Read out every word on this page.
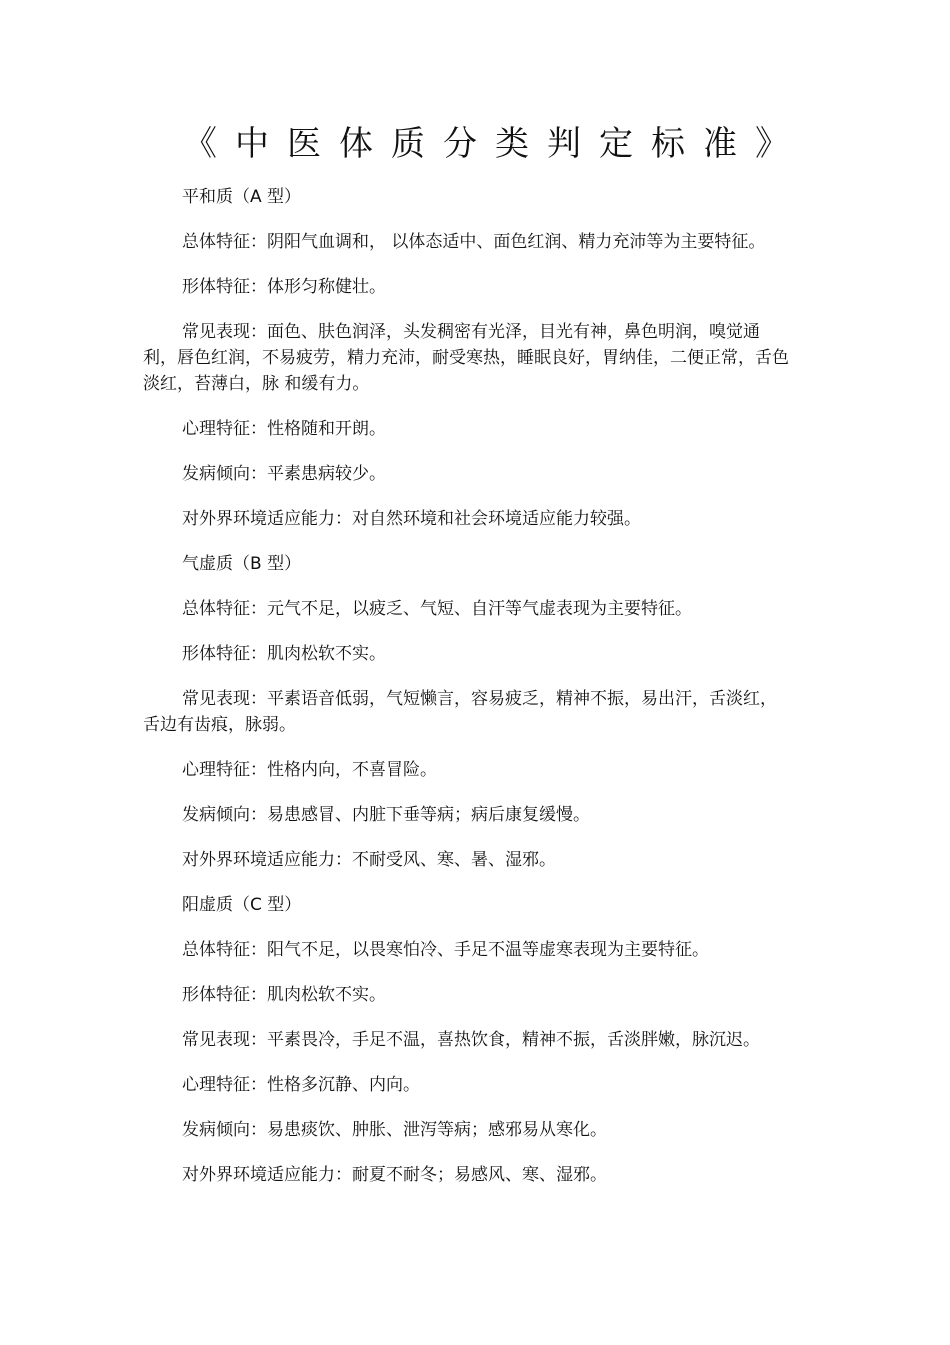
《中医体质分类判定标准》

平和质（A 型）

总体特征：阴阳气血调和， 以体态适中、面色红润、精力充沛等为主要特征。

形体特征：体形匀称健壮。

常见表现：面色、肤色润泽，头发稠密有光泽，目光有神，鼻色明润，嗅觉通利，唇色红润，不易疲劳，精力充沛，耐受寒热，睡眠良好，胃纳佳，二便正常，舌色淡红，苔薄白，脉 和缓有力。

心理特征：性格随和开朗。

发病倾向：平素患病较少。

对外界环境适应能力：对自然环境和社会环境适应能力较强。

气虚质（B 型）

总体特征：元气不足，以疲乏、气短、自汗等气虚表现为主要特征。

形体特征：肌肉松软不实。

常见表现：平素语音低弱，气短懒言，容易疲乏，精神不振，易出汗，舌淡红，舌边有齿痕，脉弱。

心理特征：性格内向，不喜冒险。

发病倾向：易患感冒、内脏下垂等病；病后康复缓慢。

对外界环境适应能力：不耐受风、寒、暑、湿邪。

阳虚质（C 型）

总体特征：阳气不足，以畏寒怕冷、手足不温等虚寒表现为主要特征。

形体特征：肌肉松软不实。

常见表现：平素畏冷，手足不温，喜热饮食，精神不振，舌淡胖嫩，脉沉迟。

心理特征：性格多沉静、内向。

发病倾向：易患痰饮、肿胀、泄泻等病；感邪易从寒化。

对外界环境适应能力：耐夏不耐冬；易感风、寒、湿邪。
